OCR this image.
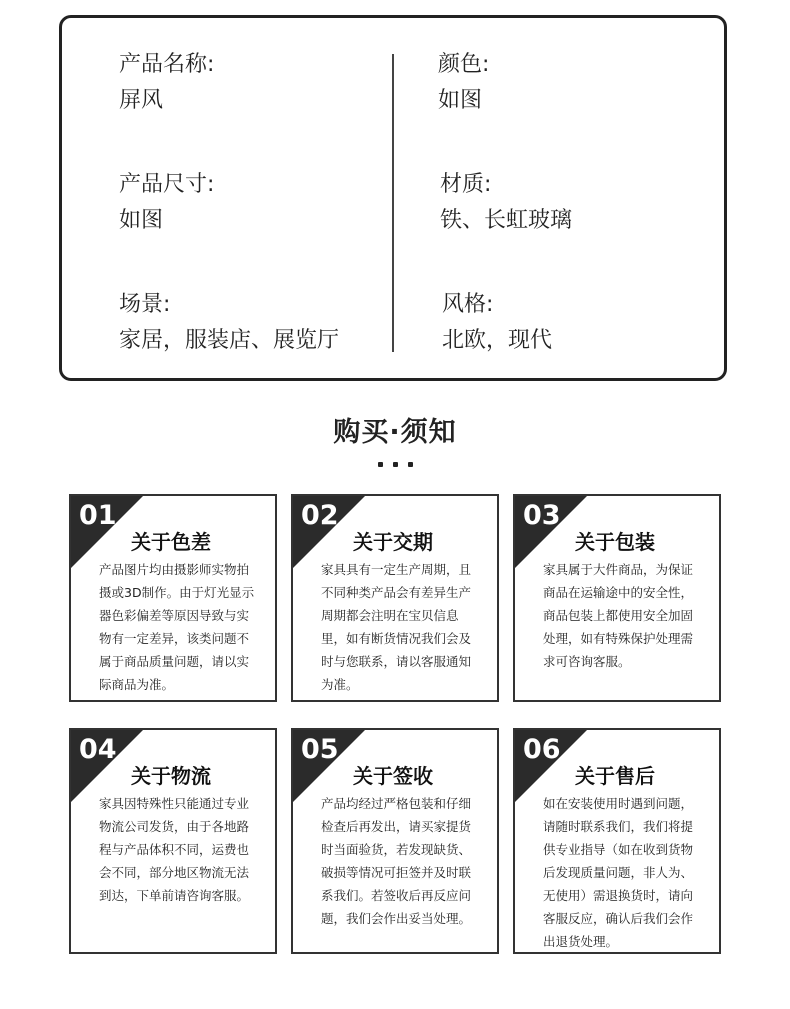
产品名称:
屏风
颜色:
如图
产品尺寸:
如图
材质:
铁、长虹玻璃
场景:
家居，服装店、展览厅
风格:
北欧，现代
购买·须知
01
关于色差
产品图片均由摄影师实物拍摄或3D制作。由于灯光显示器色彩偏差等原因导致与实物有一定差异，该类问题不属于商品质量问题，请以实际商品为准。
02
关于交期
家具具有一定生产周期，且不同种类产品会有差异生产周期都会注明在宝贝信息里，如有断货情况我们会及时与您联系，请以客服通知为准。
03
关于包装
家具属于大件商品，为保证商品在运输途中的安全性，商品包装上都使用安全加固处理，如有特殊保护处理需求可咨询客服。
04
关于物流
家具因特殊性只能通过专业物流公司发货，由于各地路程与产品体积不同，运费也会不同，部分地区物流无法到达，下单前请咨询客服。
05
关于签收
产品均经过严格包装和仔细检查后再发出，请买家提货时当面验货，若发现缺货、破损等情况可拒签并及时联系我们。若签收后再反应问题，我们会作出妥当处理。
06
关于售后
如在安装使用时遇到问题，请随时联系我们，我们将提供专业指导（如在收到货物后发现质量问题，非人为、无使用）需退换货时，请向客服反应，确认后我们会作出退货处理。
